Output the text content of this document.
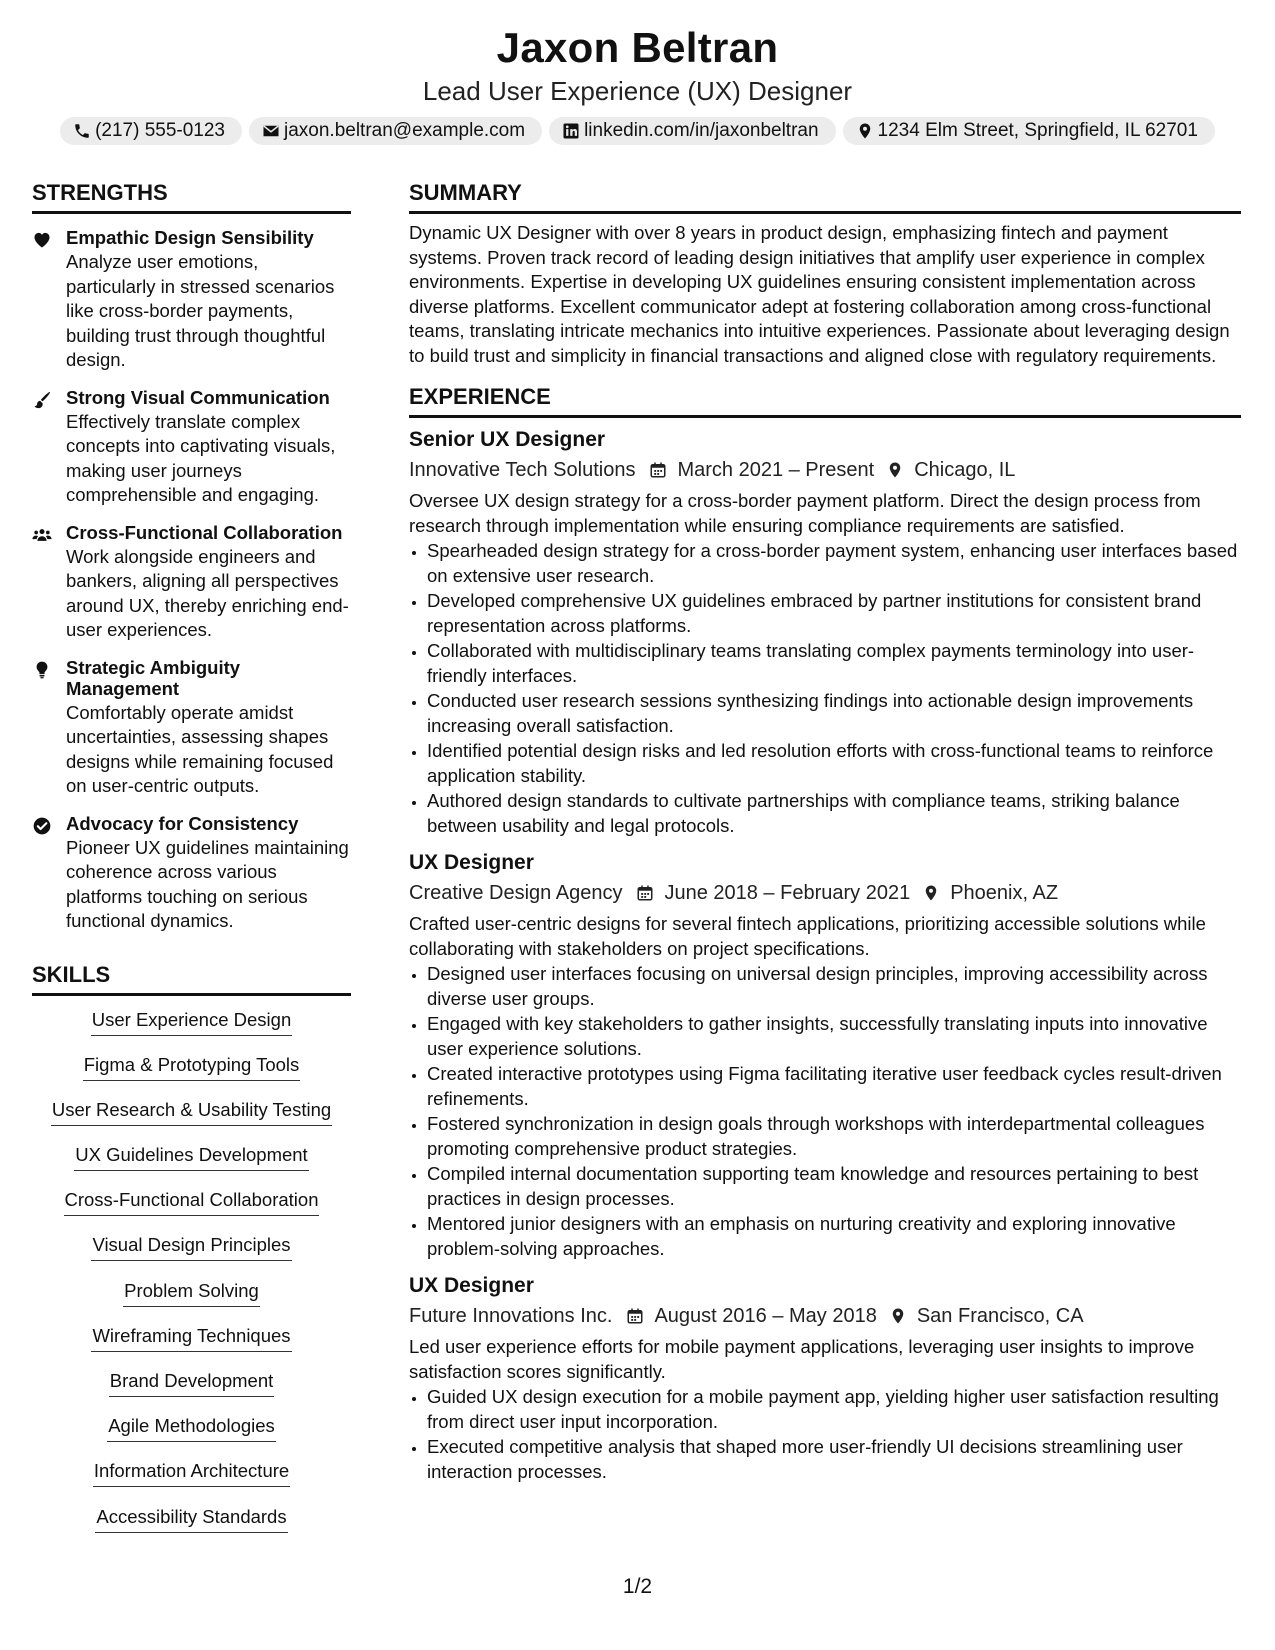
Jaxon Beltran
Lead User Experience (UX) Designer
(217) 555-0123	jaxon.beltran@example.com	linkedin.com/in/jaxonbeltran	1234 Elm Street, Springfield, IL 62701
STRENGTHS
Empathic Design Sensibility
Analyze user emotions, particularly in stressed scenarios like cross-border payments, building trust through thoughtful design.
Strong Visual Communication
Effectively translate complex concepts into captivating visuals, making user journeys comprehensible and engaging.
Cross-Functional Collaboration
Work alongside engineers and bankers, aligning all perspectives around UX, thereby enriching end-user experiences.
Strategic Ambiguity Management
Comfortably operate amidst uncertainties, assessing shapes designs while remaining focused on user-centric outputs.
Advocacy for Consistency
Pioneer UX guidelines maintaining coherence across various platforms touching on serious functional dynamics.
SKILLS
User Experience Design
Figma & Prototyping Tools
User Research & Usability Testing
UX Guidelines Development
Cross-Functional Collaboration
Visual Design Principles
Problem Solving
Wireframing Techniques
Brand Development
Agile Methodologies
Information Architecture
Accessibility Standards
SUMMARY
Dynamic UX Designer with over 8 years in product design, emphasizing fintech and payment systems. Proven track record of leading design initiatives that amplify user experience in complex environments. Expertise in developing UX guidelines ensuring consistent implementation across diverse platforms. Excellent communicator adept at fostering collaboration among cross-functional teams, translating intricate mechanics into intuitive experiences. Passionate about leveraging design to build trust and simplicity in financial transactions and aligned close with regulatory requirements.
EXPERIENCE
Senior UX Designer
Innovative Tech Solutions March 2021 – Present Chicago, IL
Oversee UX design strategy for a cross-border payment platform. Direct the design process from research through implementation while ensuring compliance requirements are satisfied.
• Spearheaded design strategy for a cross-border payment system, enhancing user interfaces based on extensive user research.
• Developed comprehensive UX guidelines embraced by partner institutions for consistent brand representation across platforms.
• Collaborated with multidisciplinary teams translating complex payments terminology into user-friendly interfaces.
• Conducted user research sessions synthesizing findings into actionable design improvements increasing overall satisfaction.
• Identified potential design risks and led resolution efforts with cross-functional teams to reinforce application stability.
• Authored design standards to cultivate partnerships with compliance teams, striking balance between usability and legal protocols.
UX Designer
Creative Design Agency June 2018 – February 2021 Phoenix, AZ
Crafted user-centric designs for several fintech applications, prioritizing accessible solutions while collaborating with stakeholders on project specifications.
• Designed user interfaces focusing on universal design principles, improving accessibility across diverse user groups.
• Engaged with key stakeholders to gather insights, successfully translating inputs into innovative user experience solutions.
• Created interactive prototypes using Figma facilitating iterative user feedback cycles result-driven refinements.
• Fostered synchronization in design goals through workshops with interdepartmental colleagues promoting comprehensive product strategies.
• Compiled internal documentation supporting team knowledge and resources pertaining to best practices in design processes.
• Mentored junior designers with an emphasis on nurturing creativity and exploring innovative problem-solving approaches.
UX Designer
Future Innovations Inc. August 2016 – May 2018 San Francisco, CA
Led user experience efforts for mobile payment applications, leveraging user insights to improve satisfaction scores significantly.
• Guided UX design execution for a mobile payment app, yielding higher user satisfaction resulting from direct user input incorporation.
• Executed competitive analysis that shaped more user-friendly UI decisions streamlining user interaction processes.
1/2
